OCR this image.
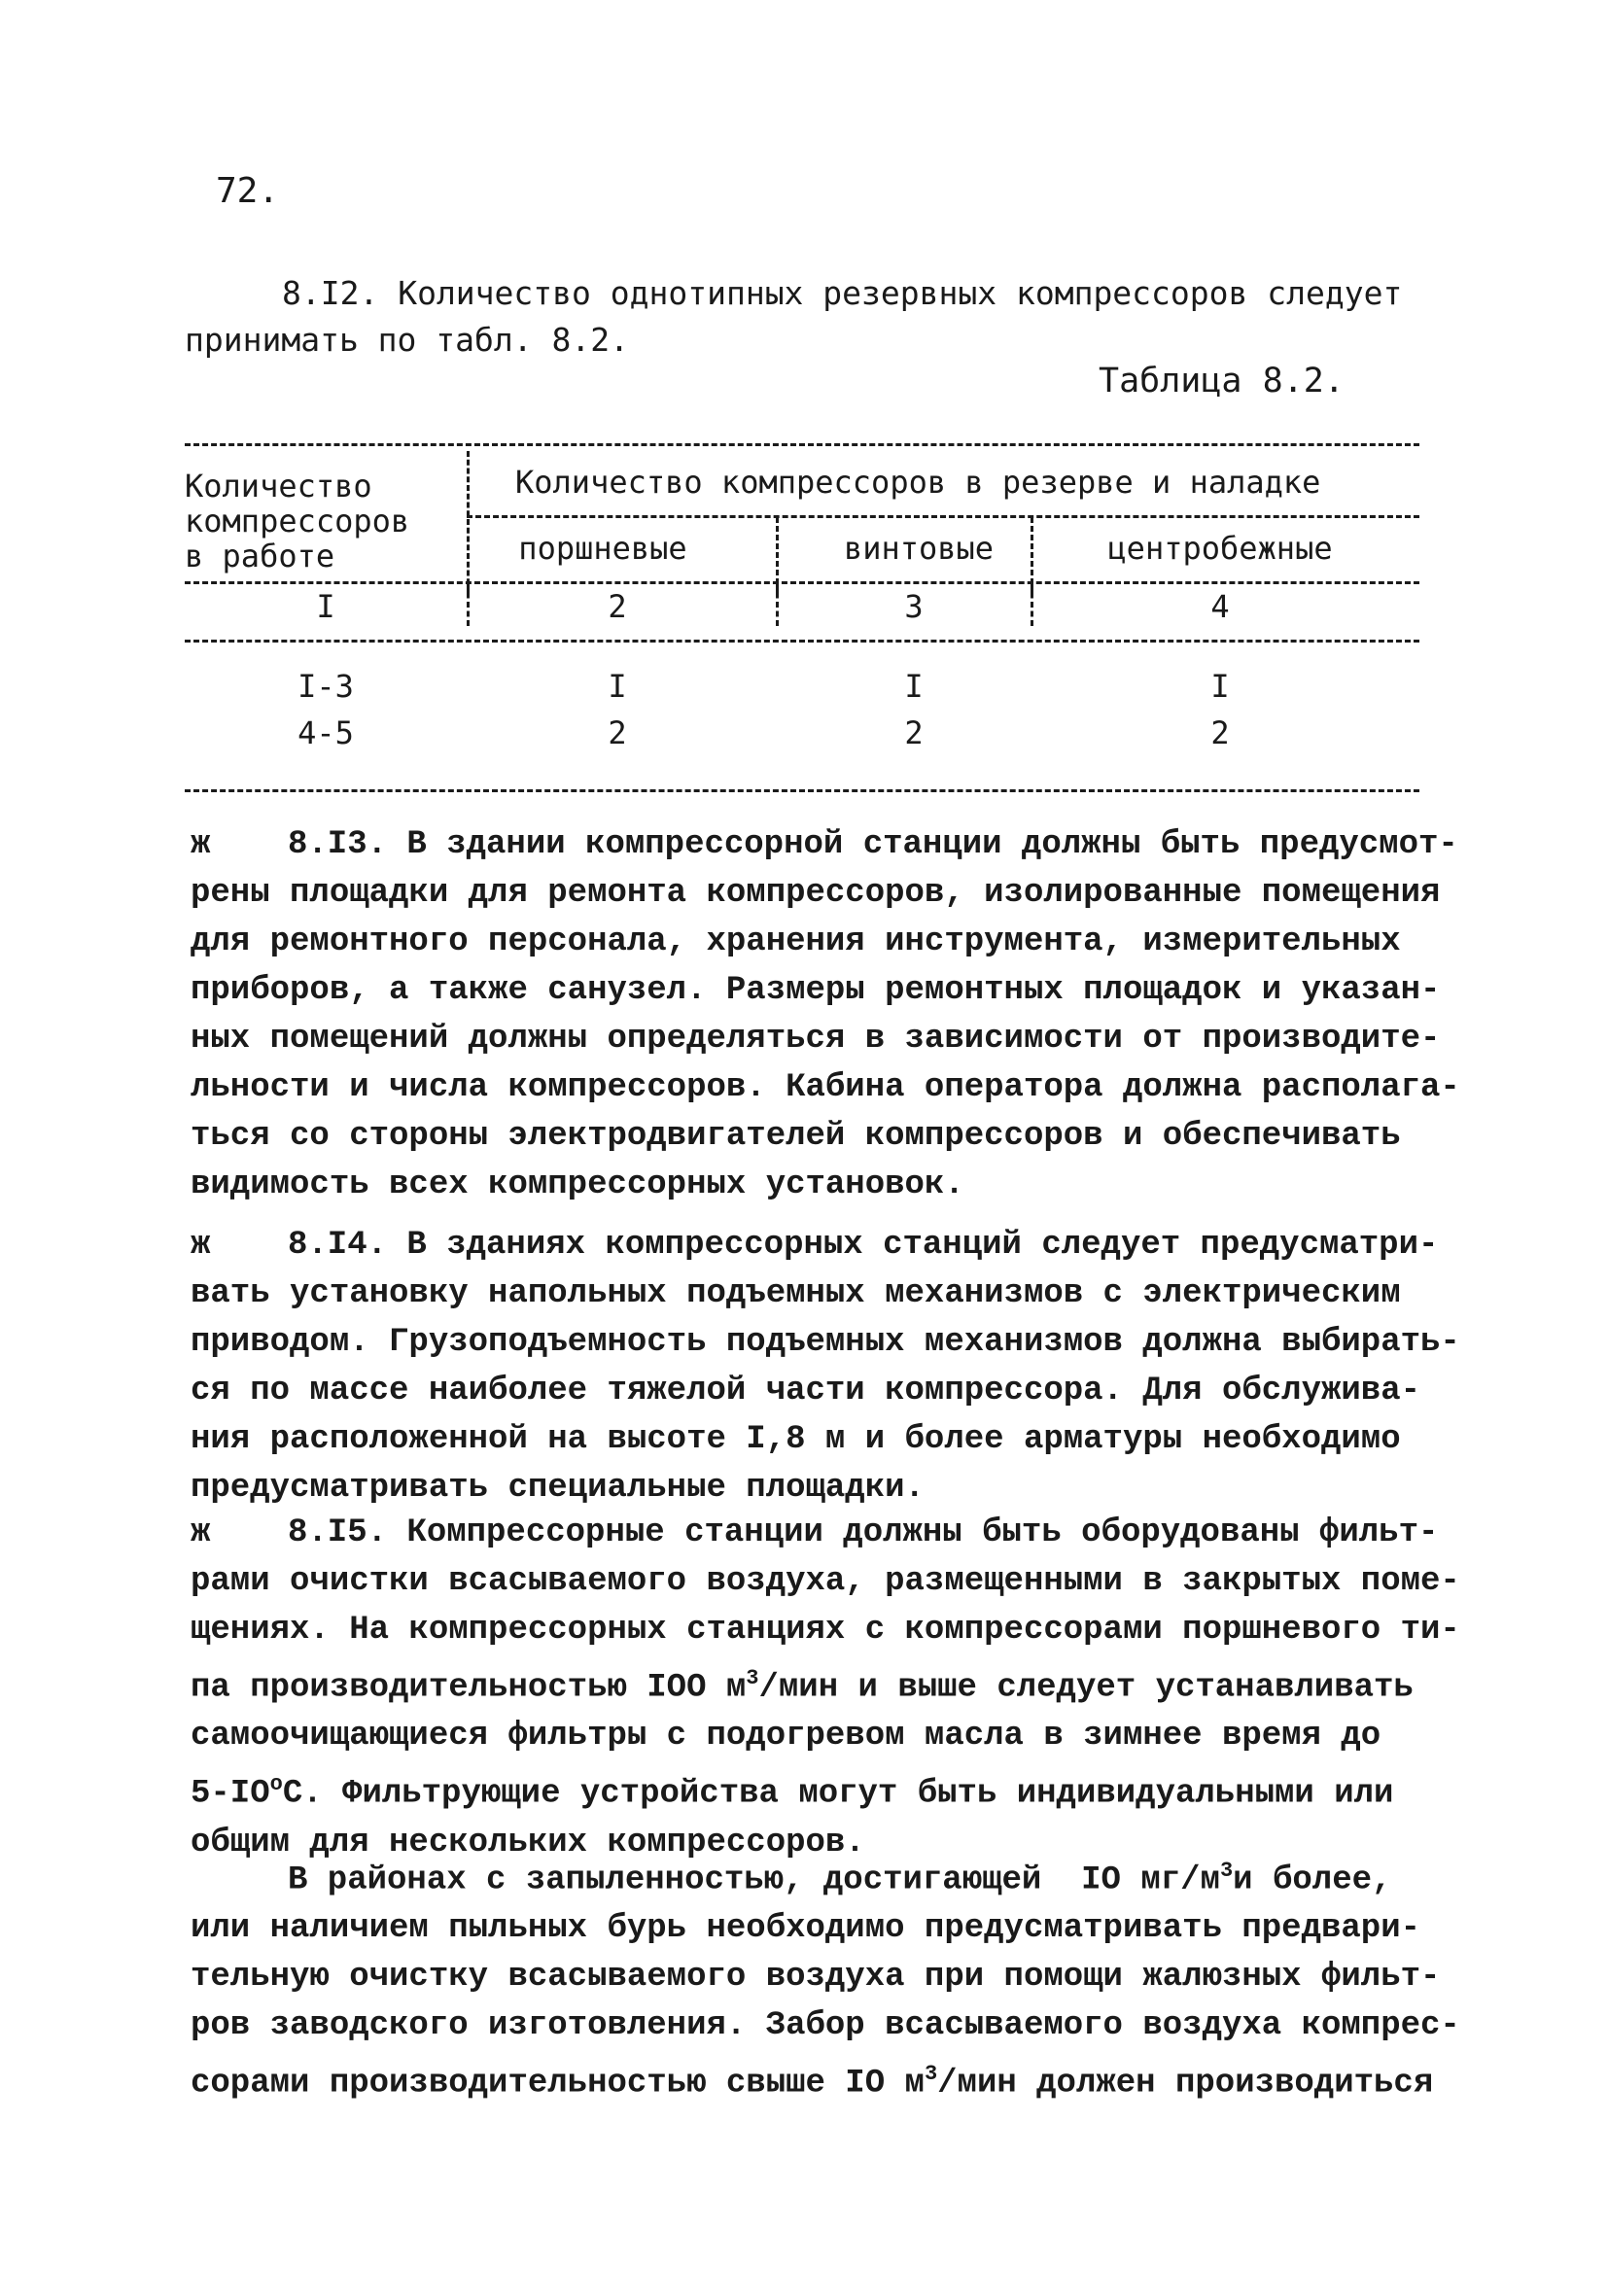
72.
8.I2. Количество однотипных резервных компрессоров следует
принимать по табл. 8.2.
Таблица 8.2.
Количество
компрессоров
в работе
Количество компрессоров в резерве и наладке
поршневые	винтовые	центробежные
I	2	3	4
I-3	I	I	I
4-5	2	2	2
ж 8.I3. В здании компрессорной станции должны быть предусмот-
рены площадки для ремонта компрессоров, изолированные помещения
для ремонтного персонала, хранения инструмента, измерительных
приборов, а также санузел. Размеры ремонтных площадок и указан-
ных помещений должны определяться в зависимости от производите-
льности и числа компрессоров. Кабина оператора должна располага-
ться со стороны электродвигателей компрессоров и обеспечивать
видимость всех компрессорных установок.
ж 8.I4. В зданиях компрессорных станций следует предусматри-
вать установку напольных подъемных механизмов с электрическим
приводом. Грузоподъемность подъемных механизмов должна выбирать-
ся по массе наиболее тяжелой части компрессора. Для обслужива-
ния расположенной на высоте I,8 м и более арматуры необходимо
предусматривать специальные площадки.
ж 8.I5. Компрессорные станции должны быть оборудованы фильт-
рами очистки всасываемого воздуха, размещенными в закрытых поме-
щениях. На компрессорных станциях с компрессорами поршневого ти-
па производительностью IОО $м^3$/мин и выше следует устанавливать
самоочищающиеся фильтры с подогревом масла в зимнее время до
$5-IО^оС$. Фильтрующие устройства могут быть индивидуальными или
общим для нескольких компрессоров.
В районах с запыленностью, достигающей  IО $мг/м^3и$ более,
или наличием пыльных бурь необходимо предусматривать предвари-
тельную очистку всасываемого воздуха при помощи жалюзных фильт-
ров заводского изготовления. Забор всасываемого воздуха компрес-
сорами производительностью свыше IО $м^3$/мин должен производиться
